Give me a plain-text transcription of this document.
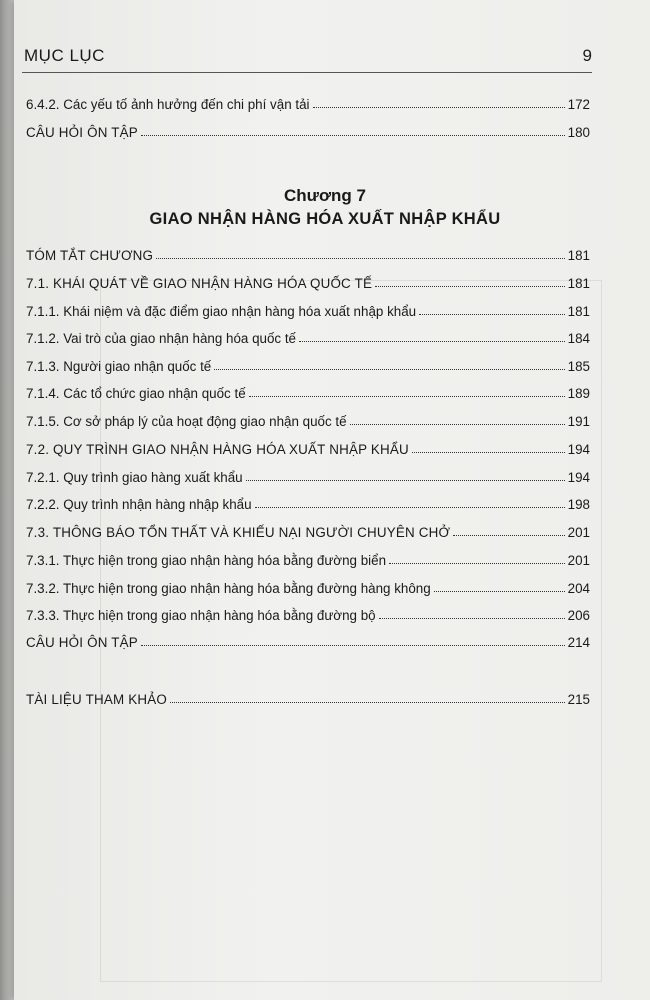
MỤC LỤC	9
6.4.2. Các yếu tố ảnh hưởng đến chi phí vận tải	172
CÂU HỎI ÔN TẬP	180
Chương 7
GIAO NHẬN HÀNG HÓA XUẤT NHẬP KHẨU
TÓM TẮT CHƯƠNG	181
7.1. KHÁI QUÁT VỀ GIAO NHẬN HÀNG HÓA QUỐC TẾ	181
7.1.1. Khái niệm và đặc điểm giao nhận hàng hóa xuất nhập khẩu	181
7.1.2. Vai trò của giao nhận hàng hóa quốc tế	184
7.1.3. Người giao nhận quốc tế	185
7.1.4. Các tổ chức giao nhận quốc tế	189
7.1.5. Cơ sở pháp lý của hoạt động giao nhận quốc tế	191
7.2. QUY TRÌNH GIAO NHẬN HÀNG HÓA XUẤT NHẬP KHẨU	194
7.2.1. Quy trình giao hàng xuất khẩu	194
7.2.2. Quy trình nhận hàng nhập khẩu	198
7.3. THÔNG BÁO TỔN THẤT VÀ KHIẾU NẠI NGƯỜI CHUYÊN CHỞ	201
7.3.1. Thực hiện trong giao nhận hàng hóa bằng đường biển	201
7.3.2. Thực hiện trong giao nhận hàng hóa bằng đường hàng không	204
7.3.3. Thực hiện trong giao nhận hàng hóa bằng đường bộ	206
CÂU HỎI ÔN TẬP	214
TÀI LIỆU THAM KHẢO	215
